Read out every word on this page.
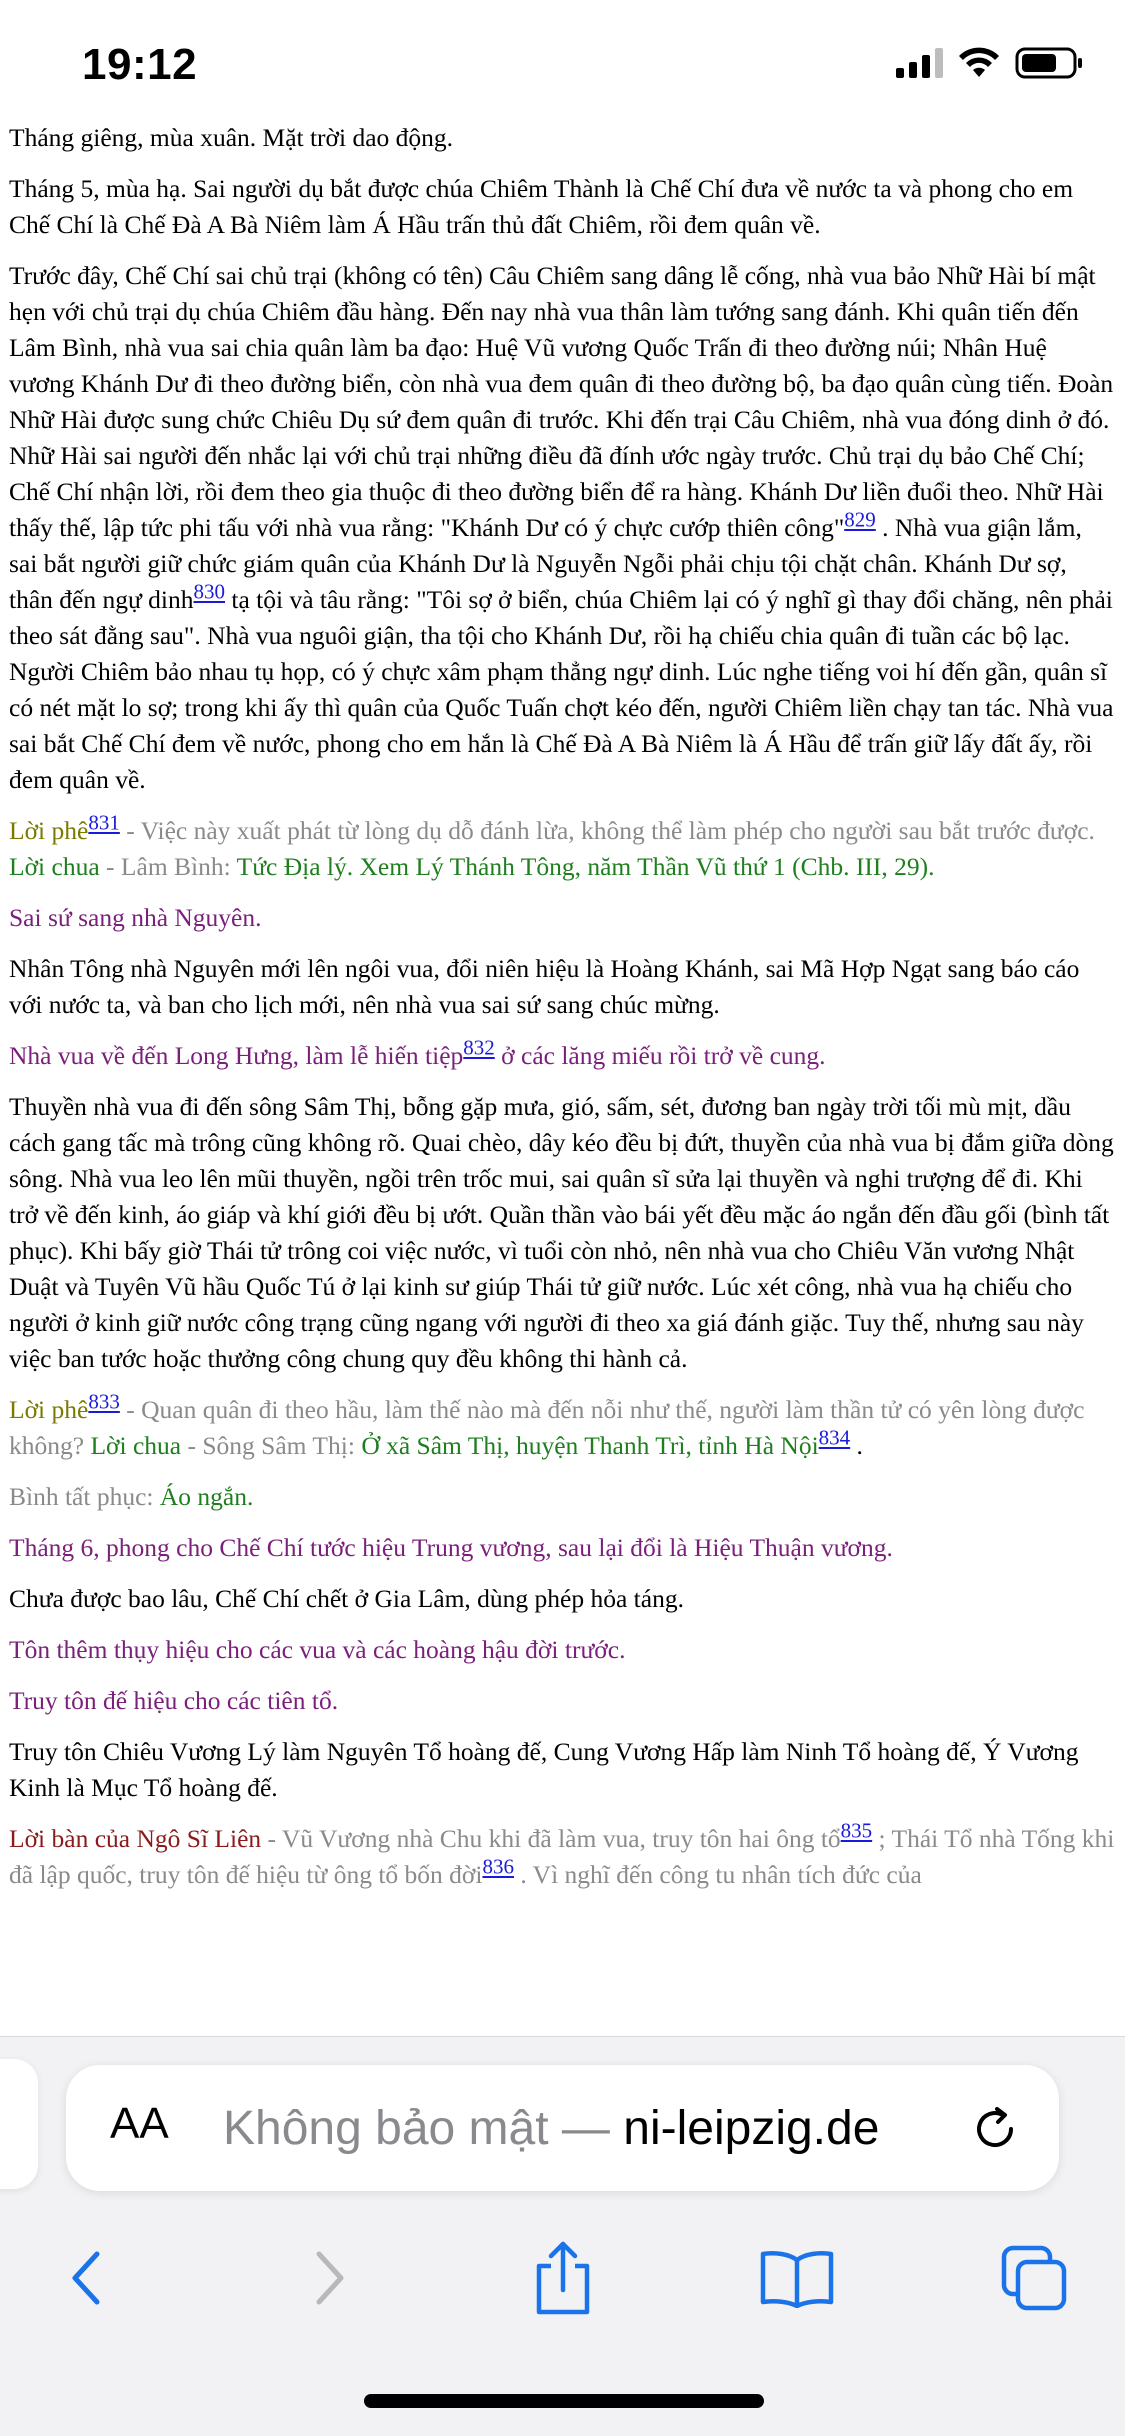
19:12

Tháng giêng, mùa xuân. Mặt trời dao động.

Tháng 5, mùa hạ. Sai người dụ bắt được chúa Chiêm Thành là Chế Chí đưa về nước ta và phong cho em Chế Chí là Chế Đà A Bà Niêm làm Á Hầu trấn thủ đất Chiêm, rồi đem quân về.

Trước đây, Chế Chí sai chủ trại (không có tên) Câu Chiêm sang dâng lễ cống, nhà vua bảo Nhữ Hài bí mật hẹn với chủ trại dụ chúa Chiêm đầu hàng. Đến nay nhà vua thân làm tướng sang đánh. Khi quân tiến đến Lâm Bình, nhà vua sai chia quân làm ba đạo: Huệ Vũ vương Quốc Trấn đi theo đường núi; Nhân Huệ vương Khánh Dư đi theo đường biển, còn nhà vua đem quân đi theo đường bộ, ba đạo quân cùng tiến. Đoàn Nhữ Hài được sung chức Chiêu Dụ sứ đem quân đi trước. Khi đến trại Câu Chiêm, nhà vua đóng dinh ở đó. Nhữ Hài sai người đến nhắc lại với chủ trại những điều đã đính ước ngày trước. Chủ trại dụ bảo Chế Chí; Chế Chí nhận lời, rồi đem theo gia thuộc đi theo đường biển để ra hàng. Khánh Dư liền đuổi theo. Nhữ Hài thấy thế, lập tức phi tấu với nhà vua rằng: "Khánh Dư có ý chực cướp thiên công"$^{829}$ . Nhà vua giận lắm, sai bắt người giữ chức giám quân của Khánh Dư là Nguyễn Ngỗi phải chịu tội chặt chân. Khánh Dư sợ, thân đến ngự dinh$^{830}$ tạ tội và tâu rằng: "Tôi sợ ở biển, chúa Chiêm lại có ý nghĩ gì thay đổi chăng, nên phải theo sát đằng sau". Nhà vua nguôi giận, tha tội cho Khánh Dư, rồi hạ chiếu chia quân đi tuần các bộ lạc. Người Chiêm bảo nhau tụ họp, có ý chực xâm phạm thẳng ngự dinh. Lúc nghe tiếng voi hí đến gần, quân sĩ có nét mặt lo sợ; trong khi ấy thì quân của Quốc Tuấn chợt kéo đến, người Chiêm liền chạy tan tác. Nhà vua sai bắt Chế Chí đem về nước, phong cho em hắn là Chế Đà A Bà Niêm là Á Hầu để trấn giữ lấy đất ấy, rồi đem quân về.

Lời phê$^{831}$ - Việc này xuất phát từ lòng dụ dỗ đánh lừa, không thể làm phép cho người sau bắt trước được. Lời chua - Lâm Bình: Tức Địa lý. Xem Lý Thánh Tông, năm Thần Vũ thứ 1 (Chb. III, 29).

Sai sứ sang nhà Nguyên.

Nhân Tông nhà Nguyên mới lên ngôi vua, đổi niên hiệu là Hoàng Khánh, sai Mã Hợp Ngạt sang báo cáo với nước ta, và ban cho lịch mới, nên nhà vua sai sứ sang chúc mừng.

Nhà vua về đến Long Hưng, làm lễ hiến tiệp$^{832}$ ở các lăng miếu rồi trở về cung.

Thuyền nhà vua đi đến sông Sâm Thị, bỗng gặp mưa, gió, sấm, sét, đương ban ngày trời tối mù mịt, dầu cách gang tấc mà trông cũng không rõ. Quai chèo, dây kéo đều bị đứt, thuyền của nhà vua bị đắm giữa dòng sông. Nhà vua leo lên mũi thuyền, ngồi trên trốc mui, sai quân sĩ sửa lại thuyền và nghi trượng để đi. Khi trở về đến kinh, áo giáp và khí giới đều bị ướt. Quần thần vào bái yết đều mặc áo ngắn đến đầu gối (bình tất phục). Khi bấy giờ Thái tử trông coi việc nước, vì tuổi còn nhỏ, nên nhà vua cho Chiêu Văn vương Nhật Duật và Tuyên Vũ hầu Quốc Tú ở lại kinh sư giúp Thái tử giữ nước. Lúc xét công, nhà vua hạ chiếu cho người ở kinh giữ nước công trạng cũng ngang với người đi theo xa giá đánh giặc. Tuy thế, nhưng sau này việc ban tước hoặc thưởng công chung quy đều không thi hành cả.

Lời phê$^{833}$ - Quan quân đi theo hầu, làm thế nào mà đến nỗi như thế, người làm thần tử có yên lòng được không? Lời chua - Sông Sâm Thị: Ở xã Sâm Thị, huyện Thanh Trì, tỉnh Hà Nội$^{834}$ .

Bình tất phục: Áo ngắn.

Tháng 6, phong cho Chế Chí tước hiệu Trung vương, sau lại đổi là Hiệu Thuận vương.

Chưa được bao lâu, Chế Chí chết ở Gia Lâm, dùng phép hỏa táng.

Tôn thêm thụy hiệu cho các vua và các hoàng hậu đời trước.

Truy tôn đế hiệu cho các tiên tổ.

Truy tôn Chiêu Vương Lý làm Nguyên Tổ hoàng đế, Cung Vương Hấp làm Ninh Tổ hoàng đế, Ý Vương Kinh là Mục Tổ hoàng đế.

Lời bàn của Ngô Sĩ Liên - Vũ Vương nhà Chu khi đã làm vua, truy tôn hai ông tổ$^{835}$ ; Thái Tổ nhà Tống khi đã lập quốc, truy tôn đế hiệu từ ông tổ bốn đời$^{836}$ . Vì nghĩ đến công tu nhân tích đức của

AA Không bảo mật — ni-leipzig.de
